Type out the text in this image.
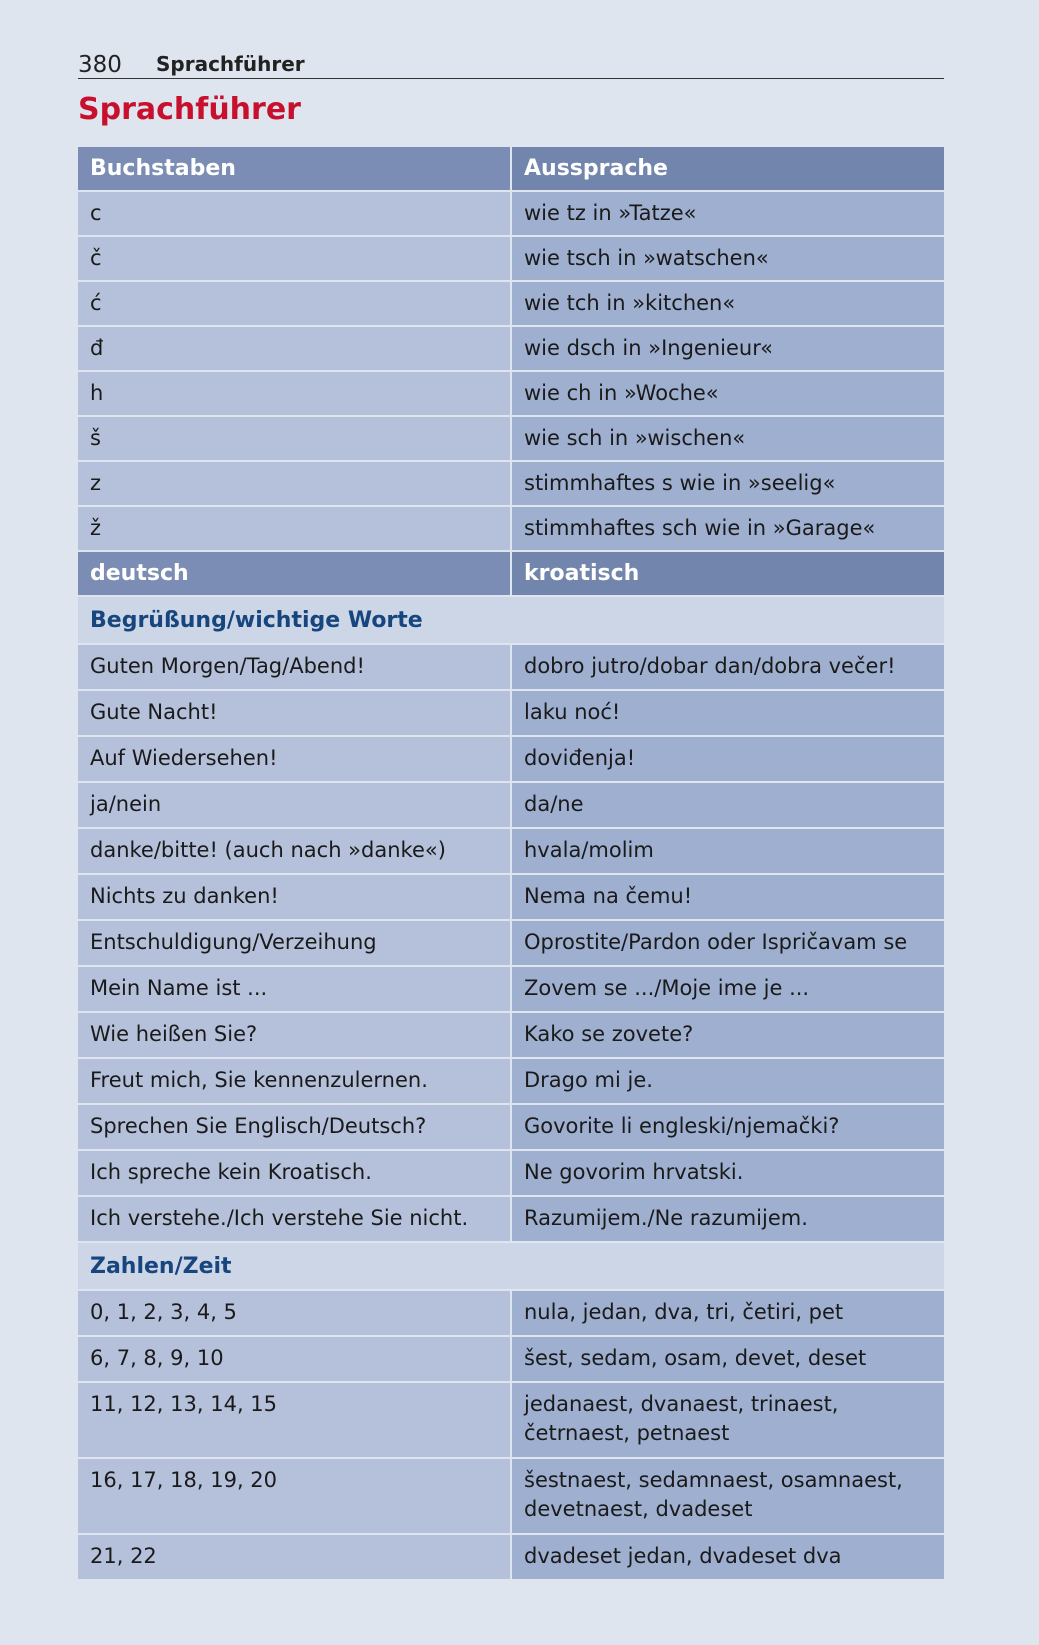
380 Sprachführer
Sprachführer
Buchstaben	Aussprache
c	wie tz in »Tatze«
č	wie tsch in »watschen«
ć	wie tch in »kitchen«
đ	wie dsch in »Ingenieur«
h	wie ch in »Woche«
š	wie sch in »wischen«
z	stimmhaftes s wie in »seelig«
ž	stimmhaftes sch wie in »Garage«
deutsch	kroatisch
Begrüßung/wichtige Worte	
Guten Morgen/Tag/Abend!	dobro jutro/dobar dan/dobra večer!
Gute Nacht!	laku noć!
Auf Wiedersehen!	doviđenja!
ja/nein	da/ne
danke/bitte! (auch nach »danke«)	hvala/molim
Nichts zu danken!	Nema na čemu!
Entschuldigung/Verzeihung	Oprostite/Pardon oder Ispričavam se
Mein Name ist ...	Zovem se .../Moje ime je ...
Wie heißen Sie?	Kako se zovete?
Freut mich, Sie kennenzulernen.	Drago mi je.
Sprechen Sie Englisch/Deutsch?	Govorite li engleski/njemački?
Ich spreche kein Kroatisch.	Ne govorim hrvatski.
Ich verstehe./Ich verstehe Sie nicht.	Razumijem./Ne razumijem.
Zahlen/Zeit	
0, 1, 2, 3, 4, 5	nula, jedan, dva, tri, četiri, pet
6, 7, 8, 9, 10	šest, sedam, osam, devet, deset
11, 12, 13, 14, 15	jedanaest, dvanaest, trinaest, četrnaest, petnaest
16, 17, 18, 19, 20	šestnaest, sedamnaest, osamnaest, devetnaest, dvadeset
21, 22	dvadeset jedan, dvadeset dva
